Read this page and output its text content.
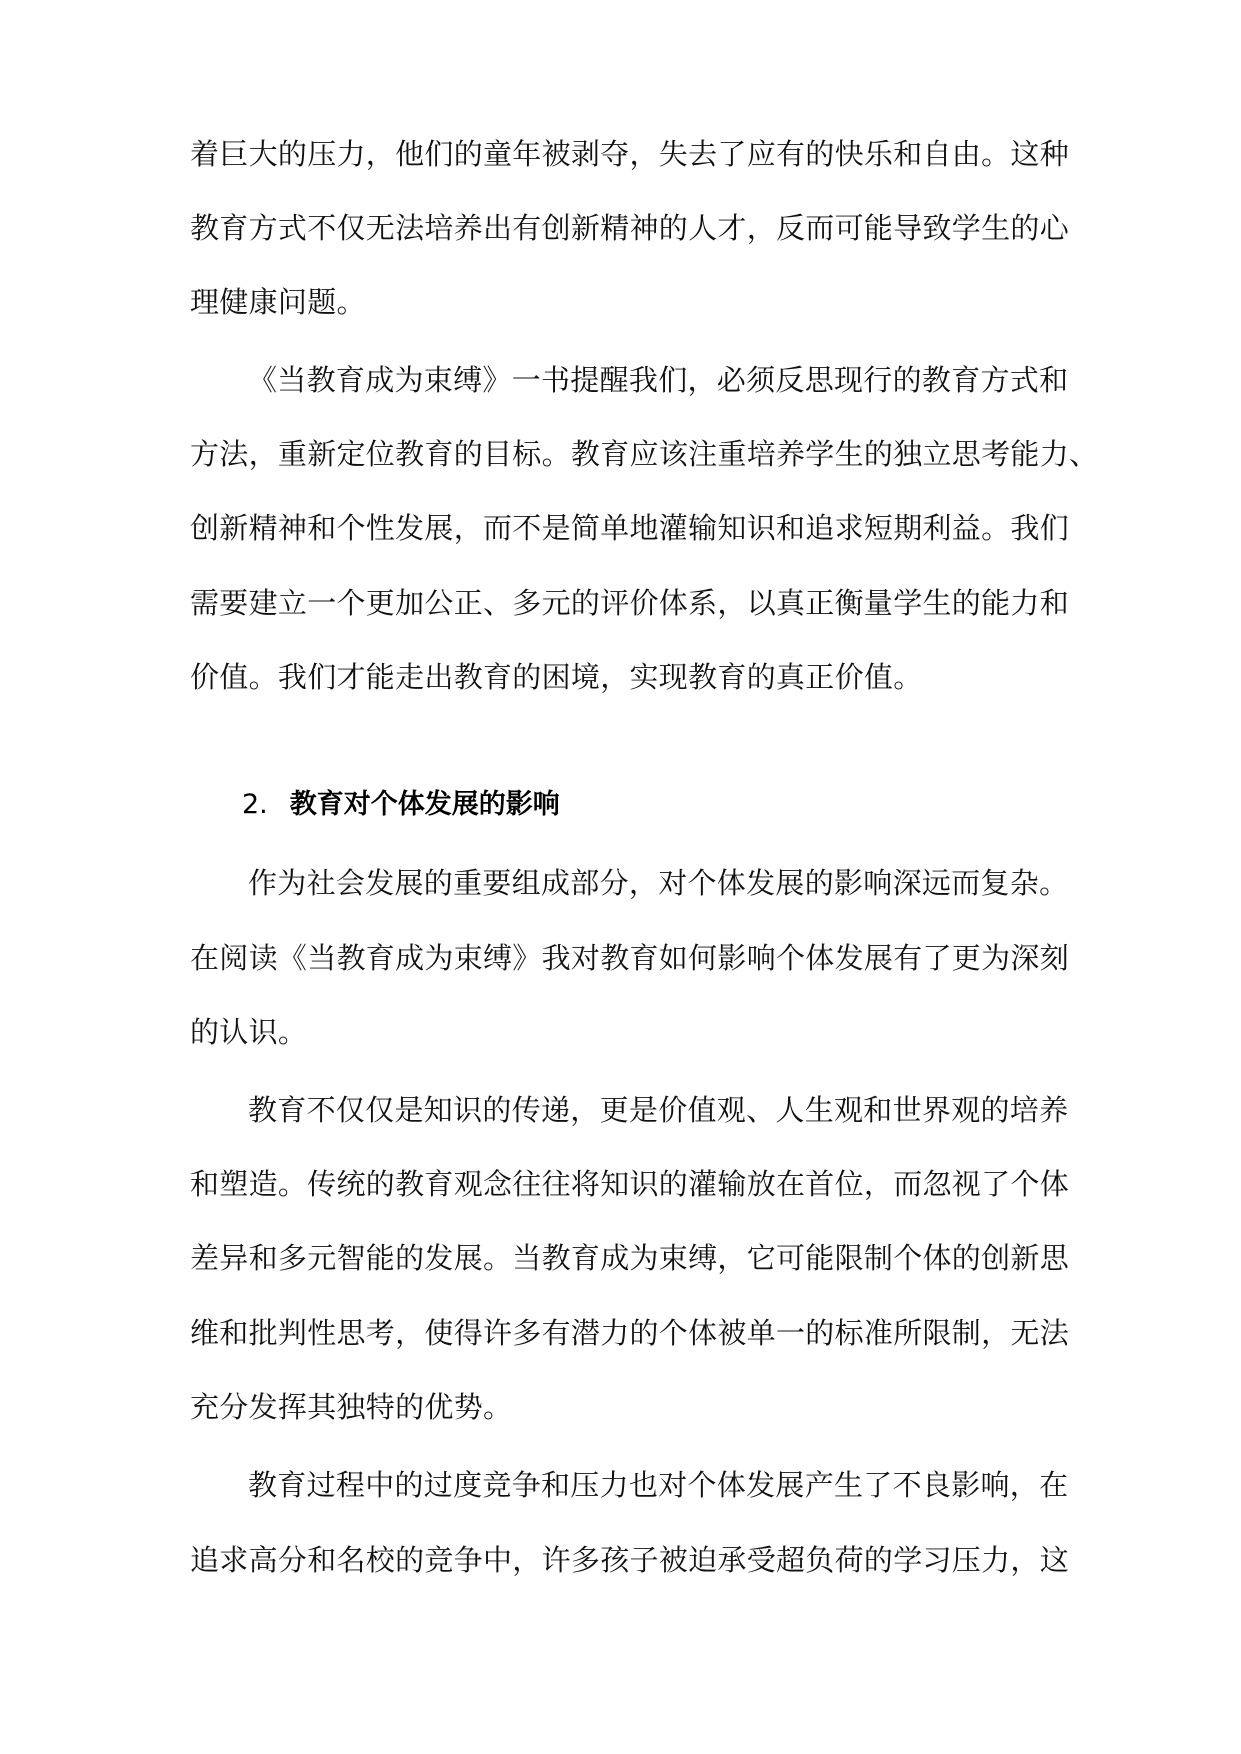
着巨大的压力，他们的童年被剥夺，失去了应有的快乐和自由。这种
教育方式不仅无法培养出有创新精神的人才，反而可能导致学生的心
理健康问题。
《当教育成为束缚》一书提醒我们，必须反思现行的教育方式和
方法，重新定位教育的目标。教育应该注重培养学生的独立思考能力、
创新精神和个性发展，而不是简单地灌输知识和追求短期利益。我们
需要建立一个更加公正、多元的评价体系，以真正衡量学生的能力和
价值。我们才能走出教育的困境，实现教育的真正价值。
2. 教育对个体发展的影响
作为社会发展的重要组成部分，对个体发展的影响深远而复杂。
在阅读《当教育成为束缚》我对教育如何影响个体发展有了更为深刻
的认识。
教育不仅仅是知识的传递，更是价值观、人生观和世界观的培养
和塑造。传统的教育观念往往将知识的灌输放在首位，而忽视了个体
差异和多元智能的发展。当教育成为束缚，它可能限制个体的创新思
维和批判性思考，使得许多有潜力的个体被单一的标准所限制，无法
充分发挥其独特的优势。
教育过程中的过度竞争和压力也对个体发展产生了不良影响，在
追求高分和名校的竞争中，许多孩子被迫承受超负荷的学习压力，这
